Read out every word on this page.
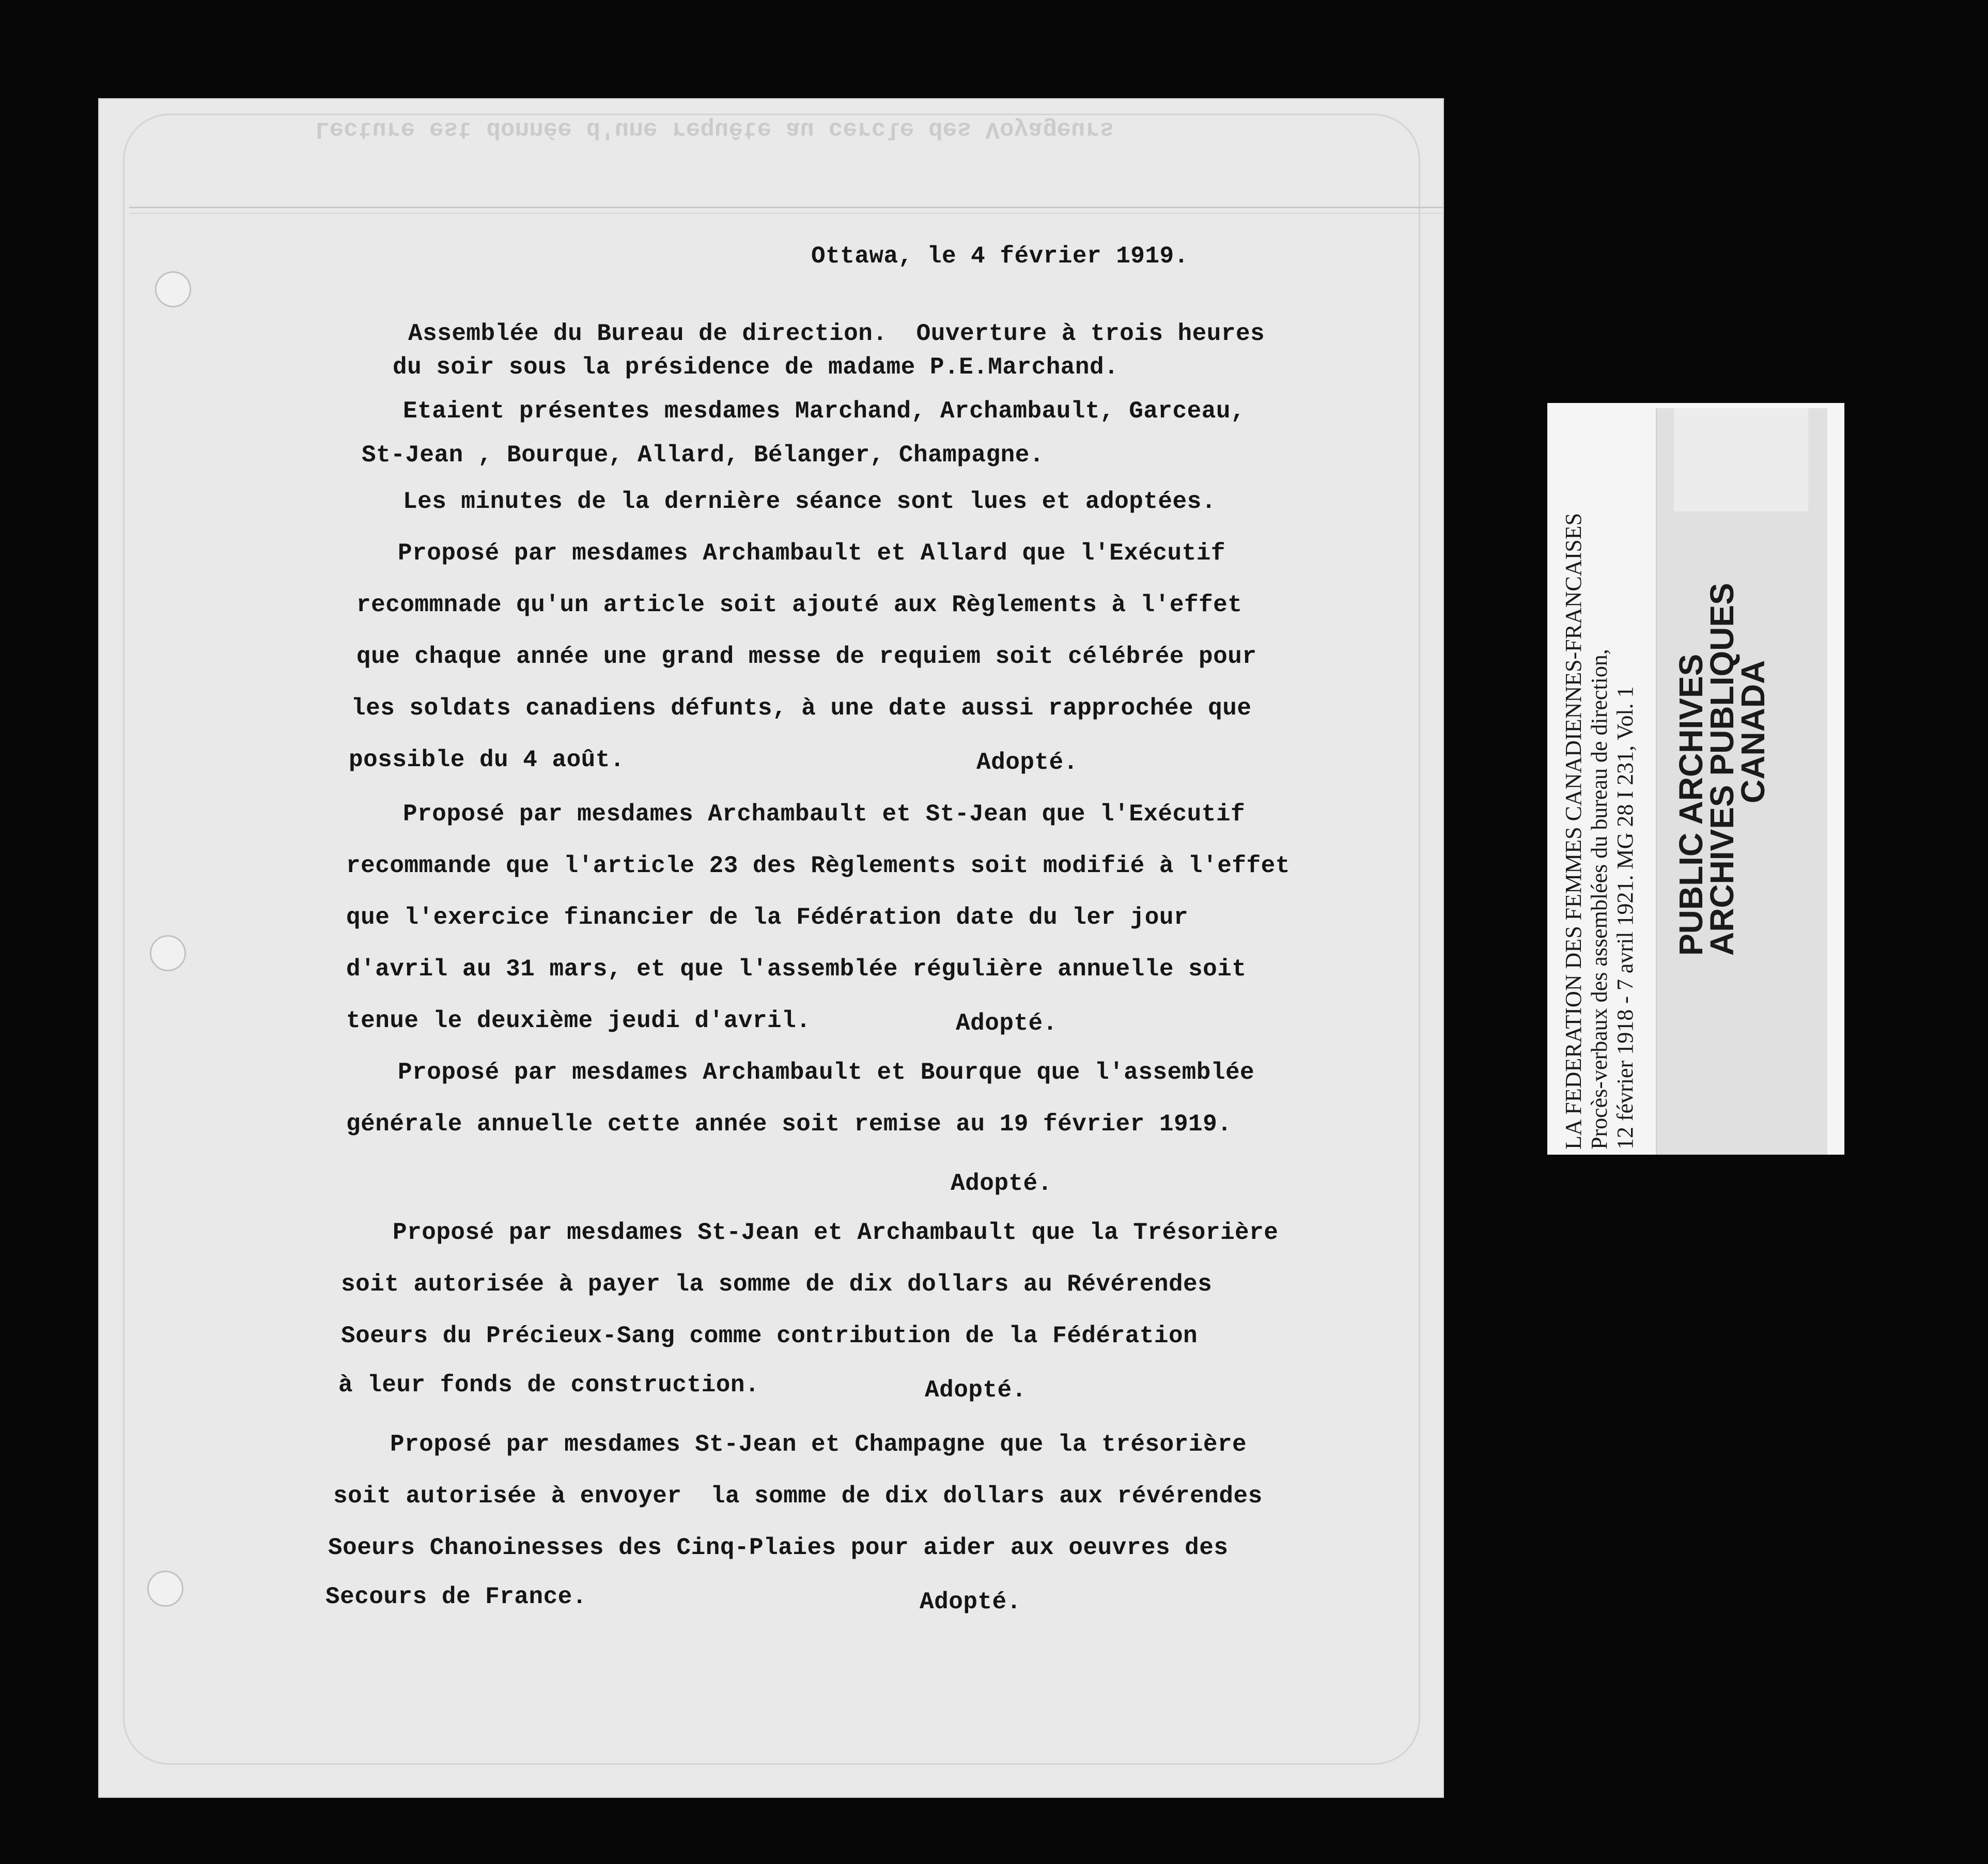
Lecture est donnée d'une requête au cercle des Voyageurs

Ottawa, le 4 février 1919.
Assemblée du Bureau de direction.  Ouverture à trois heures
du soir sous la présidence de madame P.E.Marchand.
Etaient présentes mesdames Marchand, Archambault, Garceau,
St-Jean , Bourque, Allard, Bélanger, Champagne.
Les minutes de la dernière séance sont lues et adoptées.
Proposé par mesdames Archambault et Allard que l'Exécutif
recommnade qu'un article soit ajouté aux Règlements à l'effet
que chaque année une grand messe de requiem soit célébrée pour
les soldats canadiens défunts, à une date aussi rapprochée que
possible du 4 août.	Adopté.
Proposé par mesdames Archambault et St-Jean que l'Exécutif
recommande que l'article 23 des Règlements soit modifié à l'effet
que l'exercice financier de la Fédération date du ler jour
d'avril au 31 mars, et que l'assemblée régulière annuelle soit
tenue le deuxième jeudi d'avril.	Adopté.
Proposé par mesdames Archambault et Bourque que l'assemblée
générale annuelle cette année soit remise au 19 février 1919.
Adopté.
Proposé par mesdames St-Jean et Archambault que la Trésorière
soit autorisée à payer la somme de dix dollars au Révérendes
Soeurs du Précieux-Sang comme contribution de la Fédération
à leur fonds de construction.	Adopté.
Proposé par mesdames St-Jean et Champagne que la trésorière
soit autorisée à envoyer  la somme de dix dollars aux révérendes
Soeurs Chanoinesses des Cinq-Plaies pour aider aux oeuvres des
Secours de France.	Adopté.
LA FEDERATION DES FEMMES CANADIENNES-FRANCAISES Procès-verbaux des assemblées du bureau de direction, 12 février 1918 - 7 avril 1921. MG 28 I 231, Vol. 1 PUBLIC ARCHIVES
ARCHIVES PUBLIQUES
CANADA
